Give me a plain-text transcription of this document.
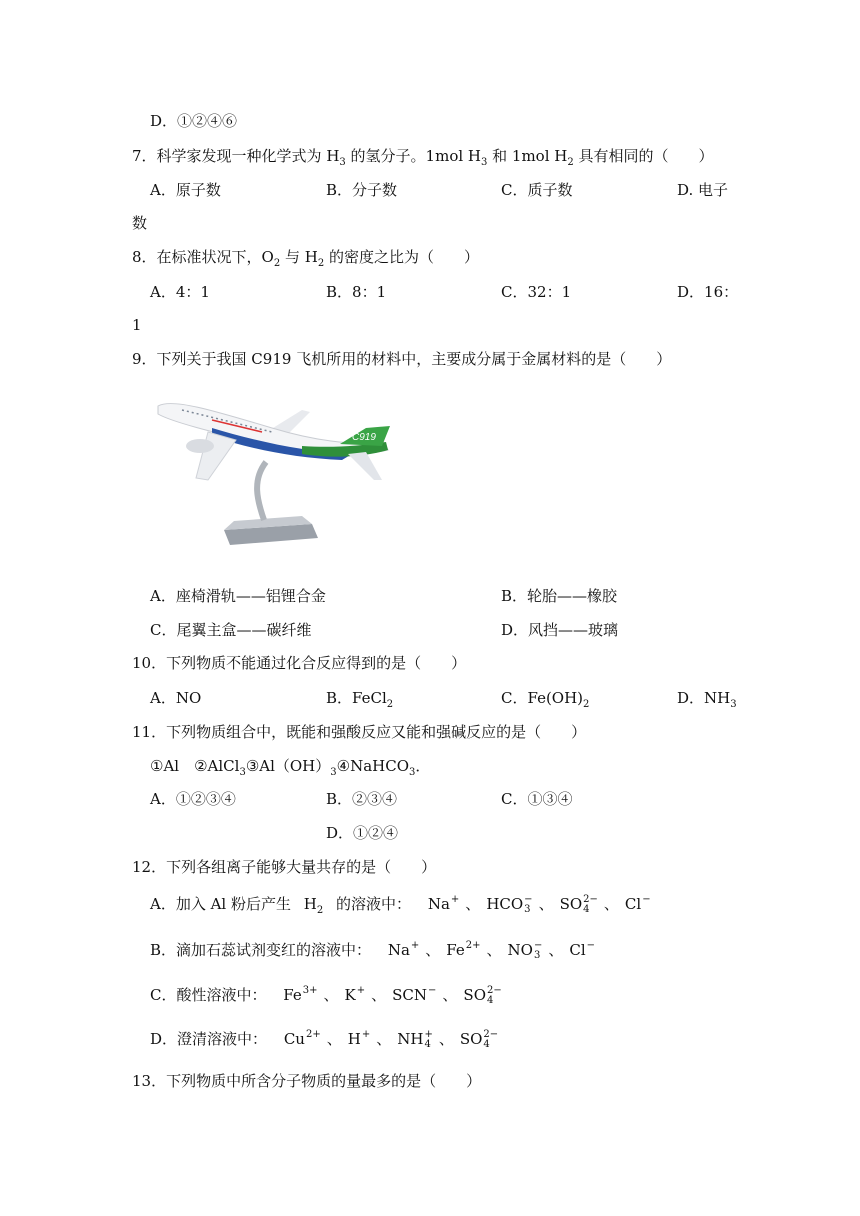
D．①②④⑥
7．科学家发现一种化学式为 $H_3$ 的氢分子。1mol $H_3$ 和 1mol $H_2$ 具有相同的（　　）
A．原子数	B．分子数	C．质子数	D. 电子
数
8．在标准状况下，$O_2$ 与 $H_2$ 的密度之比为（　　）
A．4：1	B．8：1	C．32：1	D．16：
1
9．下列关于我国 C919 飞机所用的材料中，主要成分属于金属材料的是（　　）
C919
A．座椅滑轨——铝锂合金	B．轮胎——橡胶
C．尾翼主盒——碳纤维	D．风挡——玻璃
10．下列物质不能通过化合反应得到的是（　　）
A．NO	B．FeCl$_2$	C．$Fe(OH)_2$	D．$NH_3$
11．下列物质组合中，既能和强酸反应又能和强碱反应的是（　　）
①Al　$②AlCl_3③Al(OH)_3④NaHCO_3$．
A．①②③④	B．②③④	C．①③④
D．①②④
12．下列各组离子能够大量共存的是（　　）
A．加入 Al 粉后产生 $H_2$ 的溶液中： Na +
、 HCO −
3 、 SO 2−
4 、 Cl −

B．滴加石蕊试剂变红的溶液中： Na +
、 Fe 2+
、 NO −
3 、 Cl −

C．酸性溶液中： Fe 3+
、 K +
、 SCN −
、 SO 2−
4
D．澄清溶液中： Cu 2+
、 H +
、 NH +
4 、 SO 2−
4
13．下列物质中所含分子物质的量最多的是（　　）
